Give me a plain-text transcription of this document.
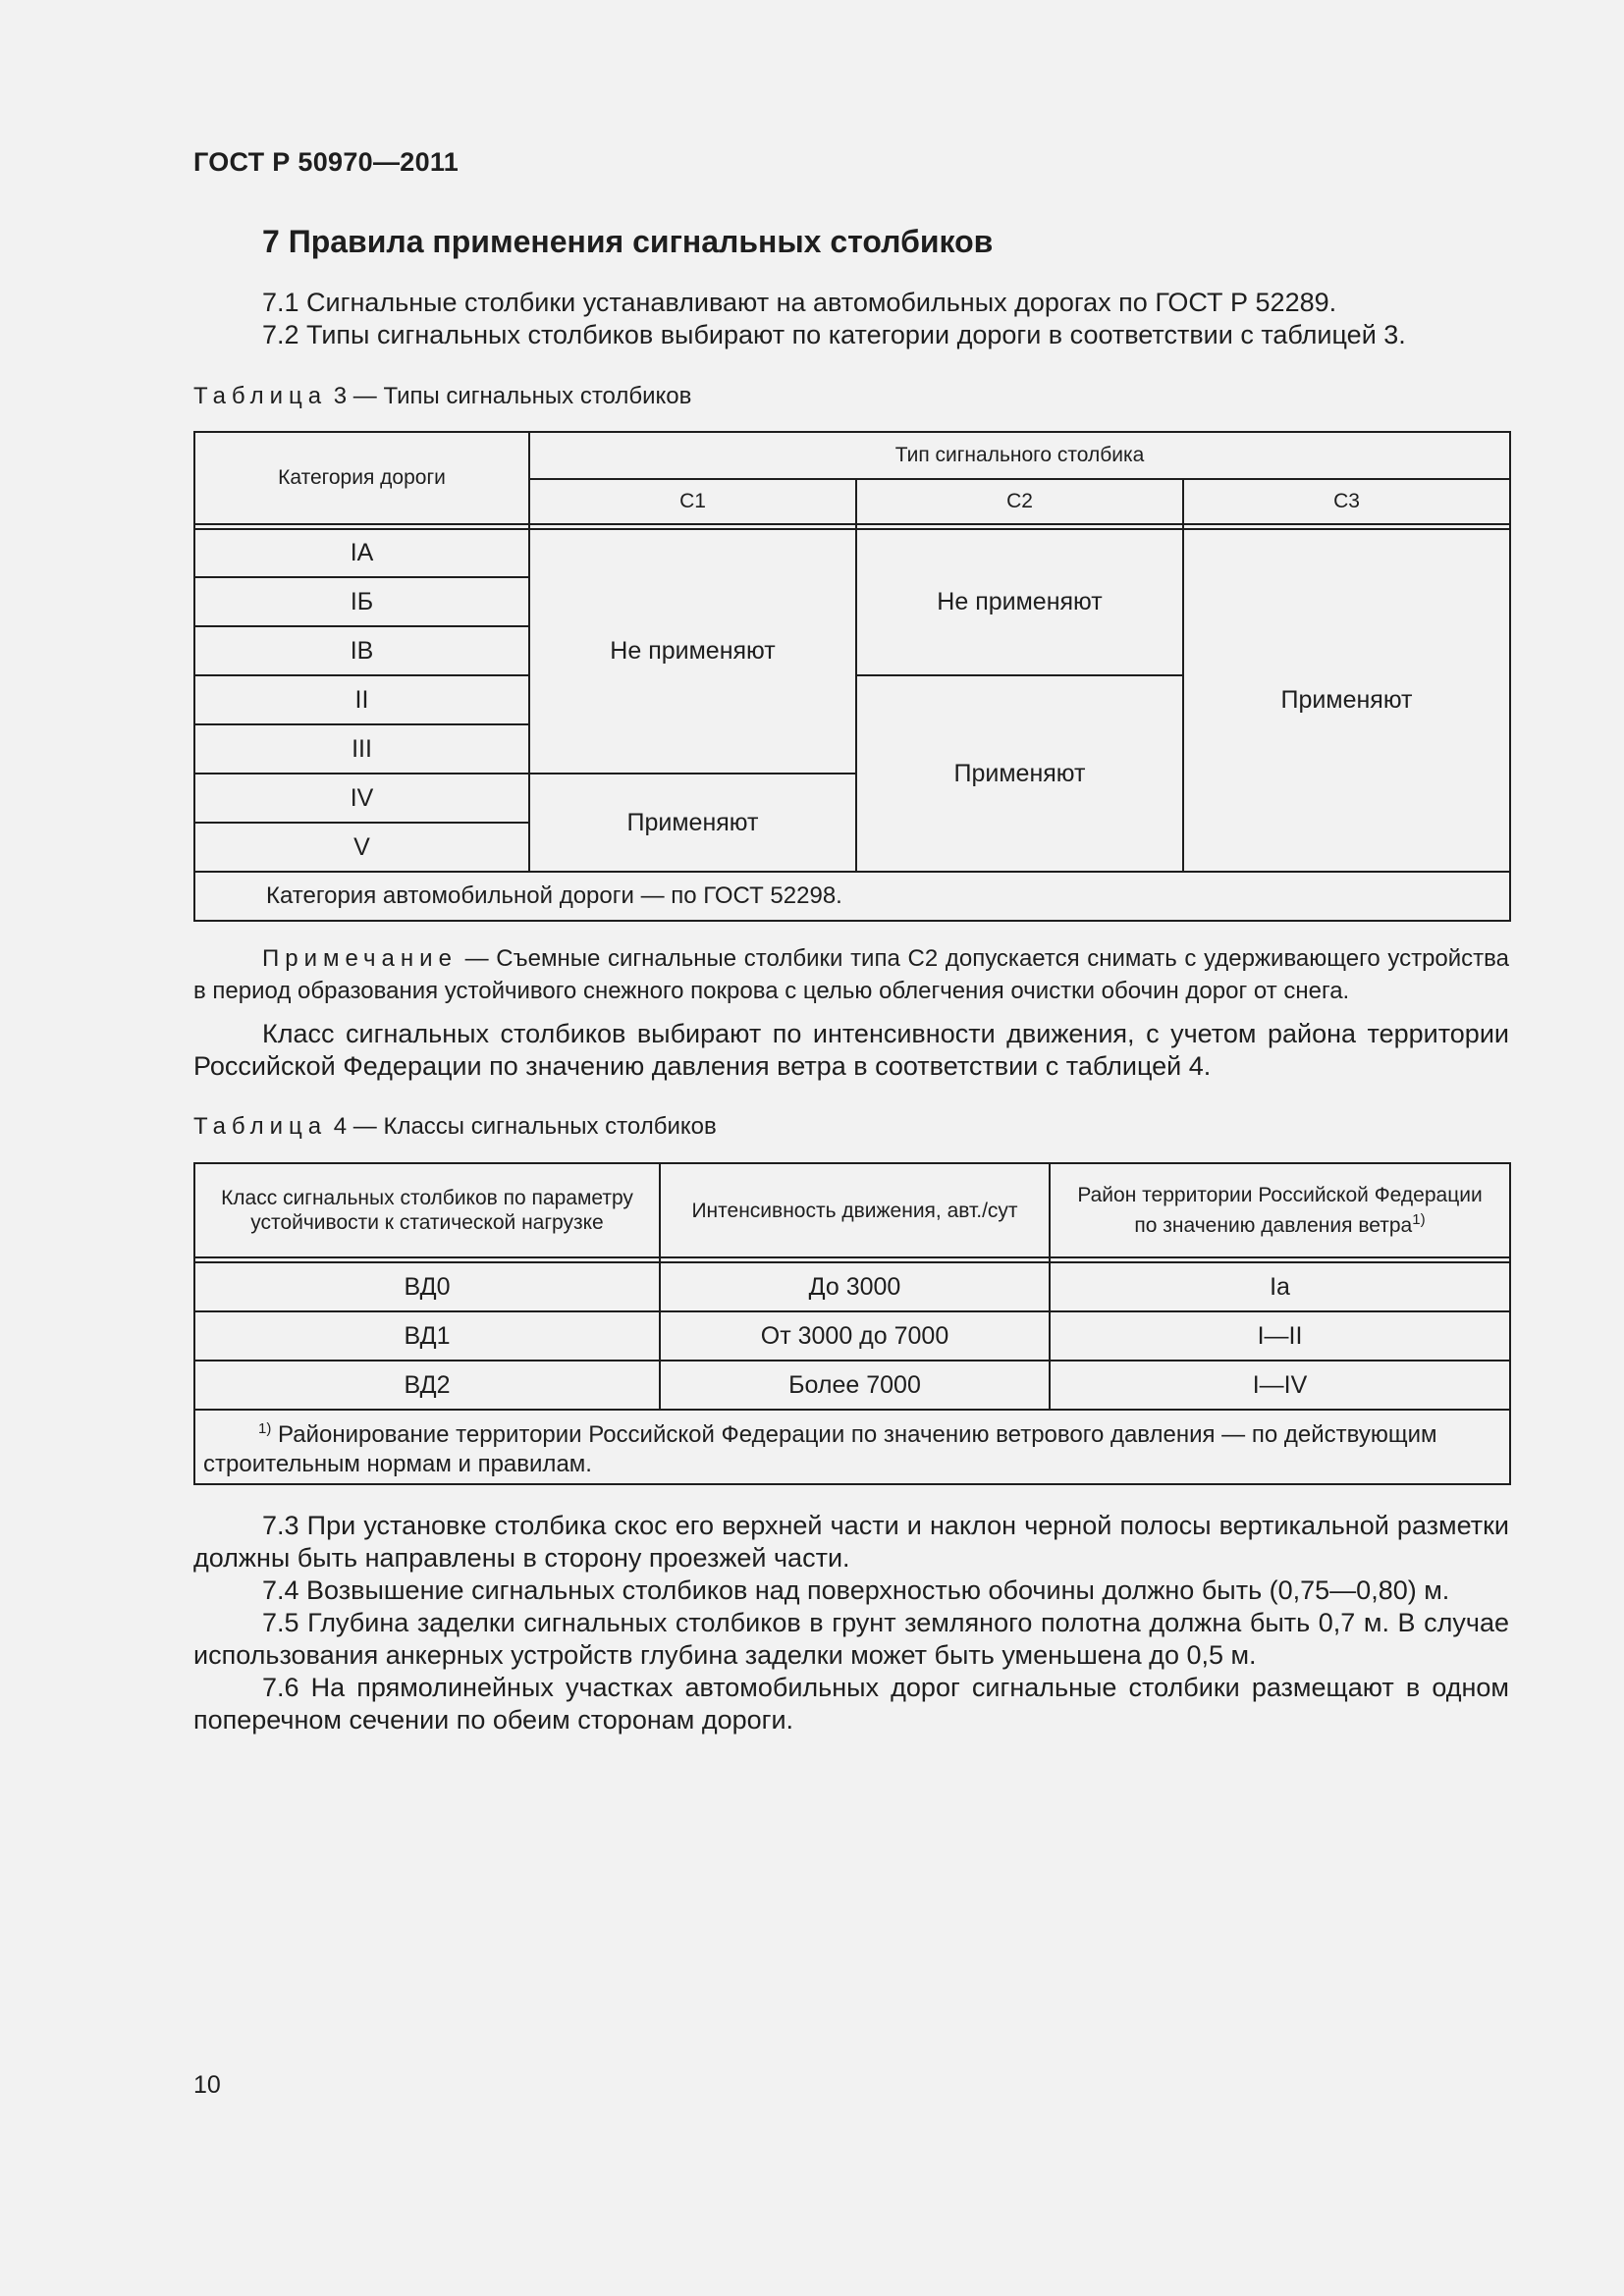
ГОСТ Р 50970—2011
7 Правила применения сигнальных столбиков
7.1 Сигнальные столбики устанавливают на автомобильных дорогах по ГОСТ Р 52289.
7.2 Типы сигнальных столбиков выбирают по категории дороги в соответствии с таблицей 3.
Таблица 3 — Типы сигнальных столбиков
Категория дороги	Тип сигнального столбика		
	С1	С2	С3

IА	Не применяют	Не применяют	Применяют
IБ			
IВ			
II		Применяют	
III			
IV	Применяют		
V			
Категория автомобильной дороги — по ГОСТ 52298.			
Примечание — Съемные сигнальные столбики типа С2 допускается снимать с удерживающего устройства в период образования устойчивого снежного покрова с целью облегчения очистки обочин дорог от снега.
Класс сигнальных столбиков выбирают по интенсивности движения, с учетом района территории Российской Федерации по значению давления ветра в соответствии с таблицей 4.
Таблица 4 — Классы сигнальных столбиков
Класс сигнальных столбиков по параметру устойчивости к статической нагрузке	Интенсивность движения, авт./сут	Район территории Российской Федерации по значению давления ветра$^{1)}$

ВД0	До 3000	Iа
ВД1	От 3000 до 7000	I—II
ВД2	Более 7000	I—IV
$^{1)}$ Районирование территории Российской Федерации по значению ветрового давления — по действующим строительным нормам и правилам.		

7.3 При установке столбика скос его верхней части и наклон черной полосы вертикальной разметки должны быть направлены в сторону проезжей части.

7.4 Возвышение сигнальных столбиков над поверхностью обочины должно быть (0,75—0,80) м.

7.5 Глубина заделки сигнальных столбиков в грунт земляного полотна должна быть 0,7 м. В случае использования анкерных устройств глубина заделки может быть уменьшена до 0,5 м.

7.6 На прямолинейных участках автомобильных дорог сигнальные столбики размещают в одном поперечном сечении по обеим сторонам дороги.

10
